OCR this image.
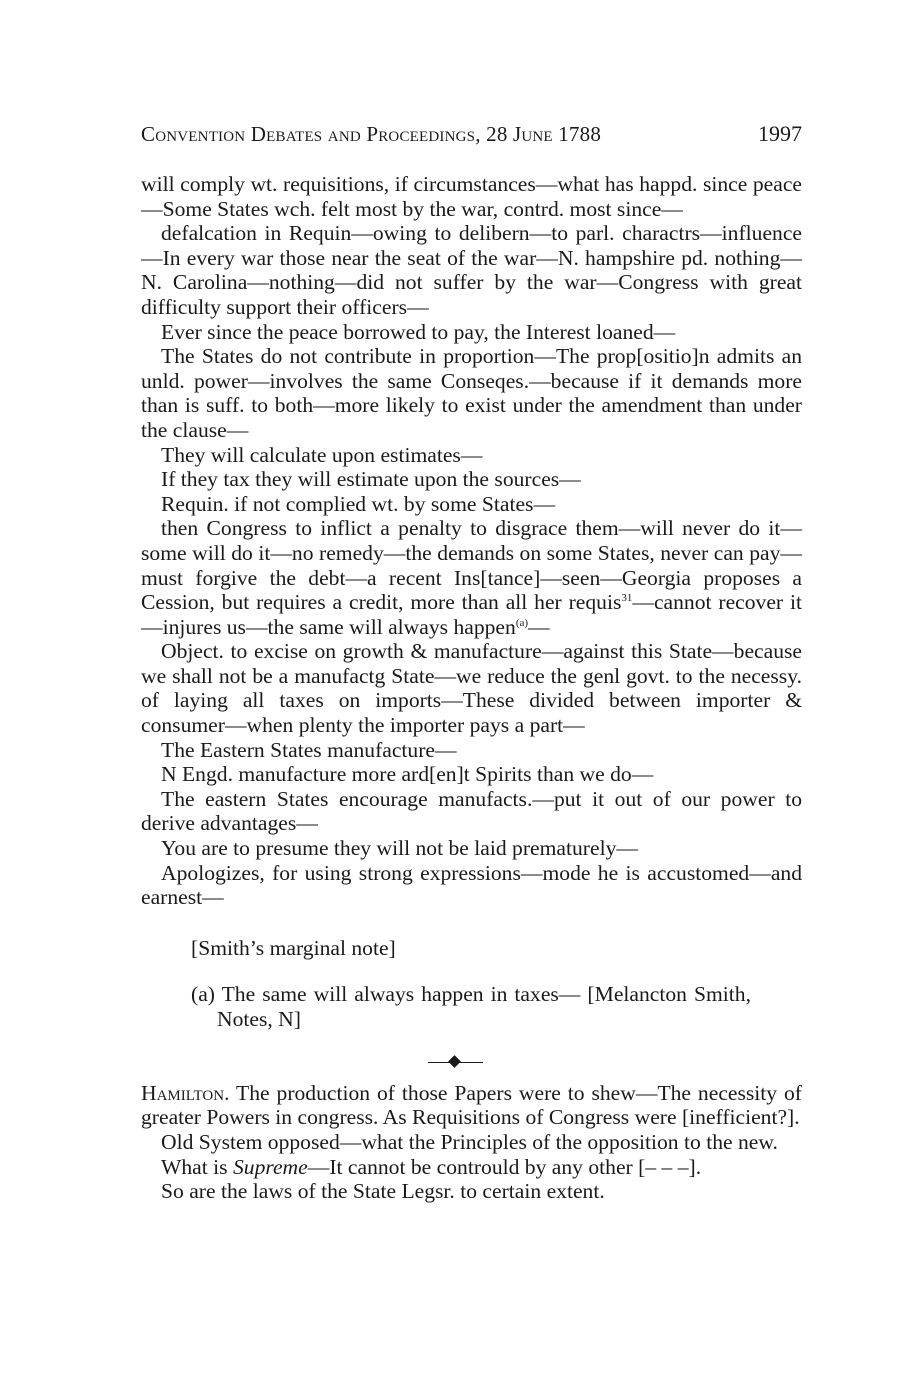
Convention Debates and Proceedings, 28 June 1788	1997

will comply wt. requisitions, if circumstances—what has happd. since peace—Some States wch. felt most by the war, contrd. most since—

defalcation in Requin—owing to delibern—to parl. charactrs—influence—In every war those near the seat of the war—N. hampshire pd. nothing—N. Carolina—nothing—did not suffer by the war—Congress with great difficulty support their officers—

Ever since the peace borrowed to pay, the Interest loaned—

The States do not contribute in proportion—The prop[ositio]n admits an unld. power—involves the same Conseqes.—because if it demands more than is suff. to both—more likely to exist under the amendment than under the clause—

They will calculate upon estimates—

If they tax they will estimate upon the sources—

Requin. if not complied wt. by some States—

then Congress to inflict a penalty to disgrace them—will never do it—some will do it—no remedy—the demands on some States, never can pay—must forgive the debt—a recent Ins[tance]—seen—Georgia proposes a Cession, but requires a credit, more than all her requis$^{31}$—cannot recover it—injures us—the same will always happen$^{(a)}$—

Object. to excise on growth & manufacture—against this State—because we shall not be a manufactg State—we reduce the genl govt. to the necessy. of laying all taxes on imports—These divided between importer & consumer—when plenty the importer pays a part—

The Eastern States manufacture—

N Engd. manufacture more ard[en]t Spirits than we do—

The eastern States encourage manufacts.—put it out of our power to derive advantages—

You are to presume they will not be laid prematurely—

Apologizes, for using strong expressions—mode he is accustomed—and earnest—

[Smith’s marginal note]

(a) The same will always happen in taxes— [Melancton Smith, Notes, N]

Hamilton. The production of those Papers were to shew—The necessity of greater Powers in congress. As Requisitions of Congress were [inefficient?].

Old System opposed—what the Principles of the opposition to the new.

What is Supreme—It cannot be contrould by any other [– – –].

So are the laws of the State Legsr. to certain extent.
